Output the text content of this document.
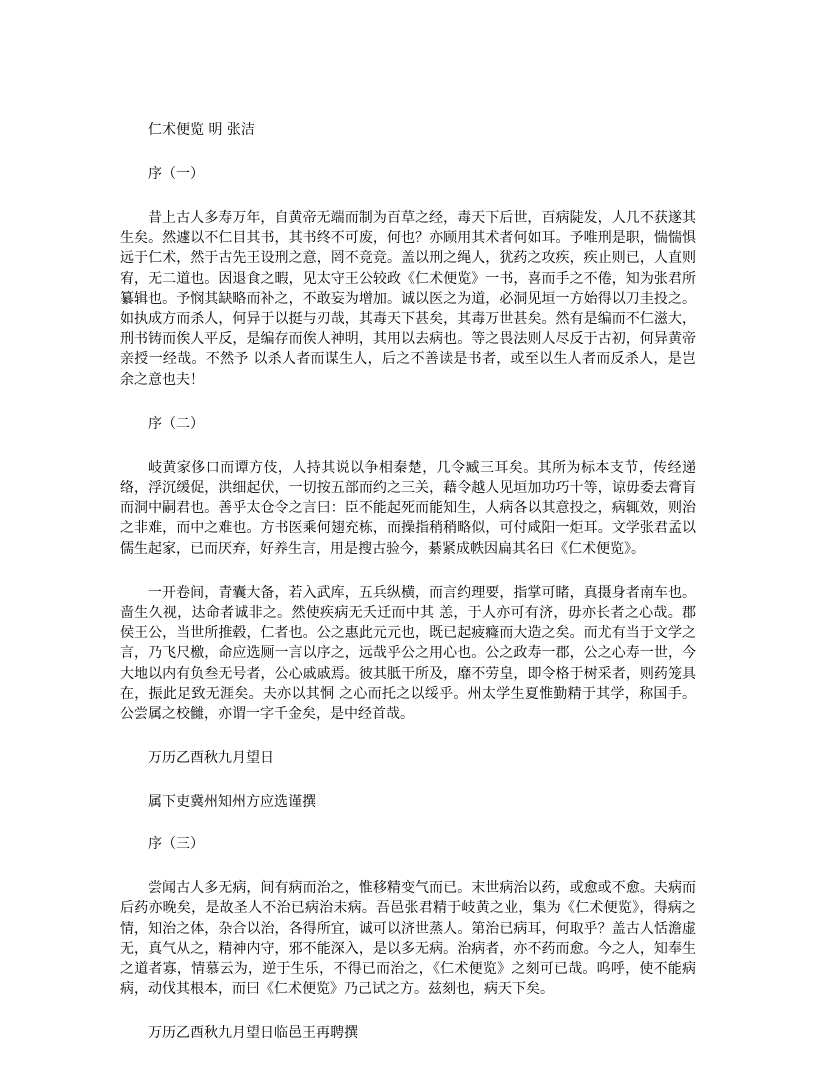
仁术便览 明 张洁
序（一）
昔上古人多寿万年，自黄帝无端而制为百草之经，毒天下后世，百病陡发，人几不获遂其生矣。然遽以不仁目其书，其书终不可废，何也？亦顾用其术者何如耳。予唯刑是职，惴惴惧远于仁术，然于古先王设刑之意，罔不竞竞。盖以刑之绳人，犹药之攻疾，疾止则已，人直则宥，无二道也。因退食之暇，见太守王公较政《仁术便览》一书，喜而手之不倦，知为张君所纂辑也。予悯其缺略而补之，不敢妄为增加。诚以医之为道，必洞见垣一方始得以刀圭投之。如执成方而杀人，何异于以挺与刃哉，其毒天下甚矣，其毒万世甚矣。然有是编而不仁滋大，刑书铸而俟人平反，是编存而俟人神明，其用以去病也。等之畏法则人尽反于古初，何异黄帝亲授一经哉。不然予 以杀人者而谋生人，后之不善读是书者，或至以生人者而反杀人，是岂余之意也夫！
序（二）
岐黄家侈口而谭方伎，人持其说以争相秦楚，几令臧三耳矣。其所为标本支节，传经递络，浮沉缓促，洪细起伏，一切按五部而约之三关，藉令越人见垣加功巧十等，谅毋委去膏肓而洞中嗣君也。善乎太仓令之言曰：臣不能起死而能知生，人病各以其意投之，病辄效，则治之非难，而中之难也。方书医乘何翅充栋，而操指稍稍略似，可付咸阳一炬耳。文学张君孟以儒生起家，已而厌弃，好养生言，用是搜古验今，綦紧成帙因扁其名曰《仁术便览》。
一开卷间，青囊大备，若入武库，五兵纵横，而言约理要，指掌可睹，真摄身者南车也。啬生久视，达命者诚非之。然使疾病无夭迁而中其 恙，于人亦可有济，毋亦长者之心哉。郡侯王公，当世所推毂，仁者也。公之惠此元元也，既已起疲癃而大造之矣。而尤有当于文学之言，乃飞尺檄，命应选厕一言以序之，远哉乎公之用心也。公之政寿一郡，公之心寿一世，今大地以内有负叁无号者，公心戚戚焉。彼其胝干所及，靡不劳皇，即令格于树采者，则药笼具在，振此足致无涯矣。夫亦以其恫 之心而托之以绥乎。州太学生夏惟勤精于其学，称国手。公尝属之校雠，亦谓一字千金矣，是中经首哉。
万历乙酉秋九月望日
属下吏冀州知州方应选谨撰
序（三）
尝闻古人多无病，间有病而治之，惟移精变气而已。末世病治以药，或愈或不愈。夫病而后药亦晚矣，是故圣人不治已病治未病。吾邑张君精于岐黄之业，集为《仁术便览》，得病之情，知治之体，杂合以治，各得所宜，诚可以济世蒸人。第治已病耳，何取乎？盖古人恬澹虚无，真气从之，精神内守，邪不能深入，是以多无病。治病者，亦不药而愈。今之人，知奉生之道者寡，情慕云为，逆于生乐，不得已而治之，《仁术便览》之刻可已哉。呜呼，使不能病病，动伐其根本，而曰《仁术便览》乃己试之方。兹刻也，病天下矣。
万历乙酉秋九月望日临邑王再聘撰
